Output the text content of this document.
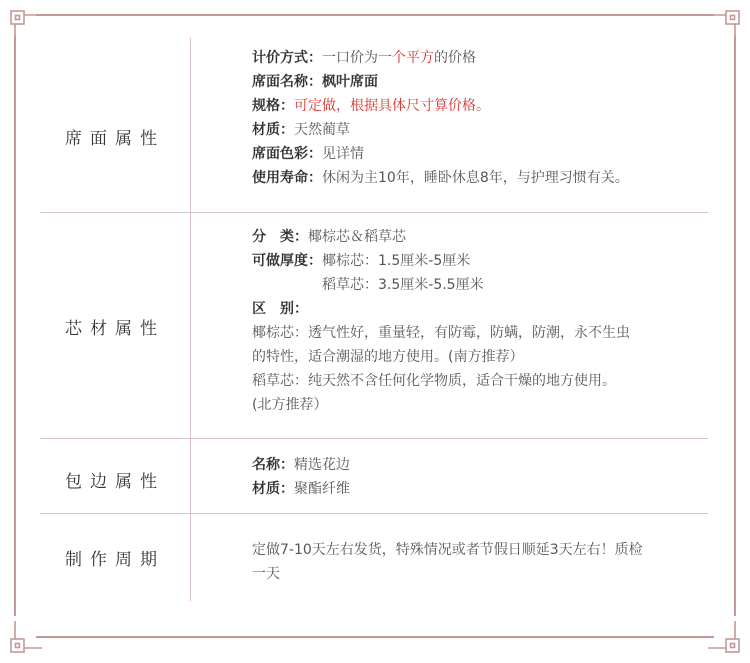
席面属性
计价方式：一口价为一个平方的价格
席面名称：枫叶席面
规格：可定做，根据具体尺寸算价格。
材质：天然蔺草
席面色彩：见详情
使用寿命：休闲为主10年，睡卧休息8年，与护理习惯有关。
芯材属性
分　类：椰棕芯＆稻草芯
可做厚度：椰棕芯：1.5厘米-5厘米
稻草芯：3.5厘米-5.5厘米
区　别：
椰棕芯：透气性好，重量轻，有防霉，防螨，防潮，永不生虫
的特性，适合潮湿的地方使用。(南方推荐）
稻草芯：纯天然不含任何化学物质，适合干燥的地方使用。
(北方推荐）
包边属性
名称：精选花边
材质：聚酯纤维
制作周期	定做7-10天左右发货，特殊情况或者节假日顺延3天左右！质检
一天
